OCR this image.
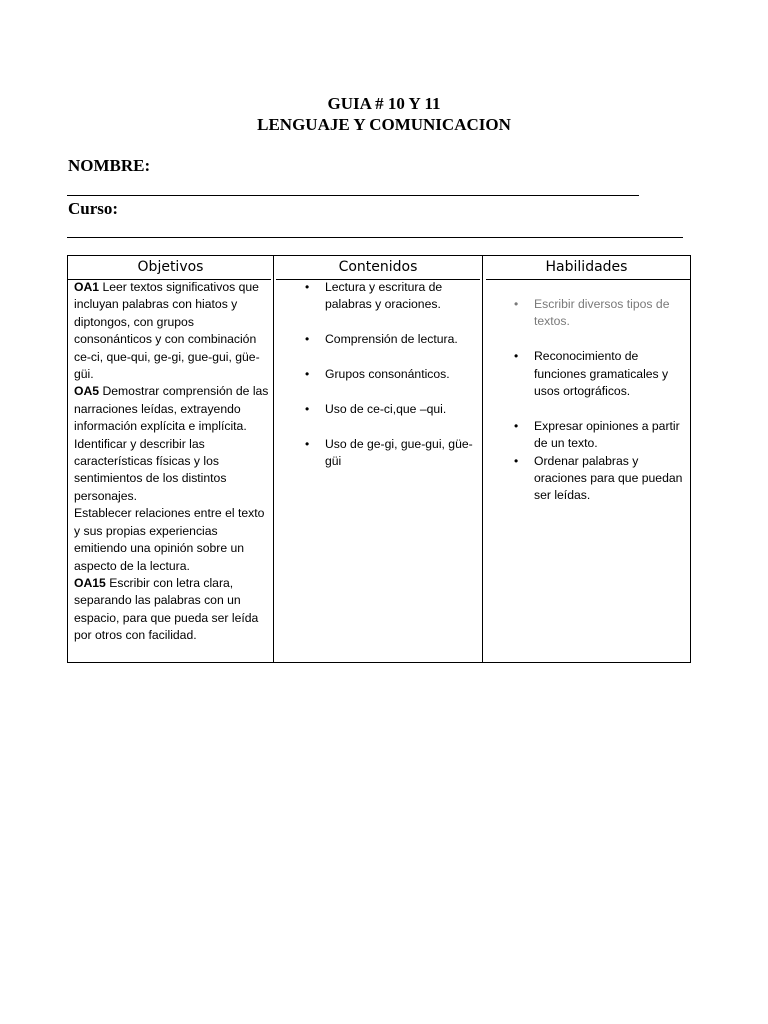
GUIA # 10 Y 11
LENGUAJE Y COMUNICACION
NOMBRE:
Curso:
Objetivos	Contenidos	Habilidades

OA1 Leer textos significativos que incluyan palabras con hiatos y diptongos, con grupos consonánticos y con combinación ce-ci, que-qui, ge-gi, gue-gui, güe-güi.

OA5 Demostrar comprensión de las narraciones leídas, extrayendo información explícita e implícita.

Identificar y describir las características físicas y los sentimientos de los distintos personajes.

Establecer relaciones entre el texto y sus propias experiencias emitiendo una opinión sobre un aspecto de la lectura.

OA15 Escribir con letra clara, separando las palabras con un espacio, para que pueda ser leída por otros con facilidad.

• Lectura y escritura de palabras y oraciones.
• Comprensión de lectura.
• Grupos consonánticos.
• Uso de ce-ci,que –qui.
• Uso de ge-gi, gue-gui, güe-güi
• Escribir diversos tipos de textos.
• Reconocimiento de funciones gramaticales y usos ortográficos.
• Expresar opiniones a partir de un texto.
• Ordenar palabras y oraciones para que puedan ser leídas.
